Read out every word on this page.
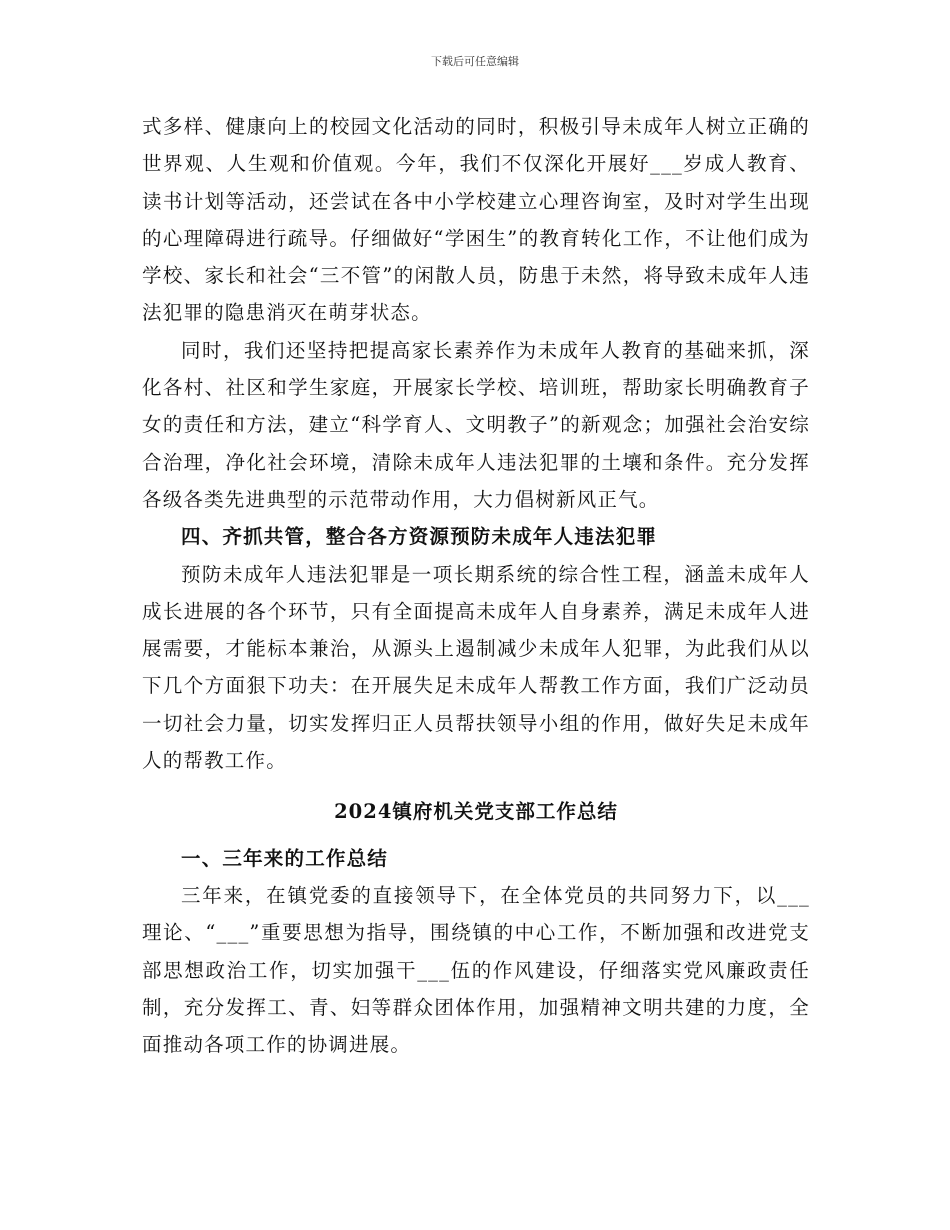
下载后可任意编辑

式多样、健康向上的校园文化活动的同时，积极引导未成年人树立正确的世界观、人生观和价值观。今年，我们不仅深化开展好___岁成人教育、读书计划等活动，还尝试在各中小学校建立心理咨询室，及时对学生出现的心理障碍进行疏导。仔细做好“学困生”的教育转化工作，不让他们成为学校、家长和社会“三不管”的闲散人员，防患于未然，将导致未成年人违法犯罪的隐患消灭在萌芽状态。

同时，我们还坚持把提高家长素养作为未成年人教育的基础来抓，深化各村、社区和学生家庭，开展家长学校、培训班，帮助家长明确教育子女的责任和方法，建立“科学育人、文明教子”的新观念；加强社会治安综合治理，净化社会环境，清除未成年人违法犯罪的土壤和条件。充分发挥各级各类先进典型的示范带动作用，大力倡树新风正气。

四、齐抓共管，整合各方资源预防未成年人违法犯罪

预防未成年人违法犯罪是一项长期系统的综合性工程，涵盖未成年人成长进展的各个环节，只有全面提高未成年人自身素养，满足未成年人进展需要，才能标本兼治，从源头上遏制减少未成年人犯罪，为此我们从以下几个方面狠下功夫：在开展失足未成年人帮教工作方面，我们广泛动员一切社会力量，切实发挥归正人员帮扶领导小组的作用，做好失足未成年人的帮教工作。

2024镇府机关党支部工作总结

一、三年来的工作总结

三年来，在镇党委的直接领导下，在全体党员的共同努力下，以___理论、“___”重要思想为指导，围绕镇的中心工作，不断加强和改进党支部思想政治工作，切实加强干___伍的作风建设，仔细落实党风廉政责任制，充分发挥工、青、妇等群众团体作用，加强精神文明共建的力度，全面推动各项工作的协调进展。
